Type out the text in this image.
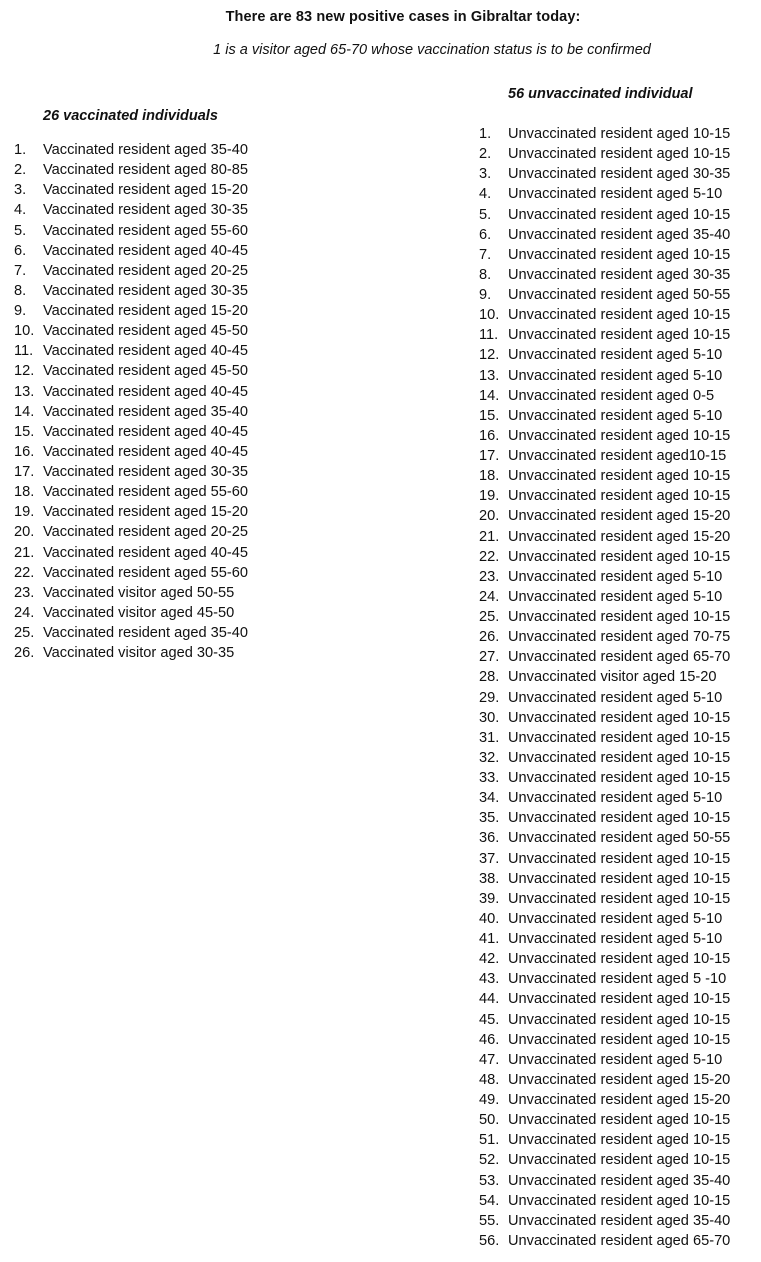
There are 83 new positive cases in Gibraltar today:
1 is a visitor aged 65-70 whose vaccination status is to be confirmed
26 vaccinated individuals
1.	Vaccinated resident aged 35-40
2.	Vaccinated resident aged 80-85
3.	Vaccinated resident aged 15-20
4.	Vaccinated resident aged 30-35
5.	Vaccinated resident aged 55-60
6.	Vaccinated resident aged 40-45
7.	Vaccinated resident aged 20-25
8.	Vaccinated resident aged 30-35
9.	Vaccinated resident aged 15-20
10. Vaccinated resident aged 45-50
11. Vaccinated resident aged 40-45
12. Vaccinated resident aged 45-50
13. Vaccinated resident aged 40-45
14. Vaccinated resident aged 35-40
15. Vaccinated resident aged 40-45
16. Vaccinated resident aged 40-45
17. Vaccinated resident aged 30-35
18. Vaccinated resident aged 55-60
19. Vaccinated resident aged 15-20
20. Vaccinated resident aged 20-25
21. Vaccinated resident aged 40-45
22. Vaccinated resident aged 55-60
23. Vaccinated visitor aged 50-55
24. Vaccinated visitor aged 45-50
25. Vaccinated resident aged 35-40
26. Vaccinated visitor aged 30-35
56 unvaccinated individual
1.	Unvaccinated resident aged 10-15
2.	Unvaccinated resident aged 10-15
3.	Unvaccinated resident aged 30-35
4.	Unvaccinated resident aged 5-10
5.	Unvaccinated resident aged 10-15
6.	Unvaccinated resident aged 35-40
7.	Unvaccinated resident aged 10-15
8.	Unvaccinated resident aged 30-35
9.	Unvaccinated resident aged 50-55
10. Unvaccinated resident aged 10-15
11. Unvaccinated resident aged 10-15
12. Unvaccinated resident aged 5-10
13. Unvaccinated resident aged 5-10
14. Unvaccinated resident aged 0-5
15. Unvaccinated resident aged 5-10
16. Unvaccinated resident aged 10-15
17. Unvaccinated resident aged10-15
18. Unvaccinated resident aged 10-15
19. Unvaccinated resident aged 10-15
20. Unvaccinated resident aged 15-20
21. Unvaccinated resident aged 15-20
22. Unvaccinated resident aged 10-15
23. Unvaccinated resident aged 5-10
24. Unvaccinated resident aged 5-10
25. Unvaccinated resident aged 10-15
26. Unvaccinated resident aged 70-75
27. Unvaccinated resident aged 65-70
28. Unvaccinated visitor aged 15-20
29. Unvaccinated resident aged 5-10
30. Unvaccinated resident aged 10-15
31. Unvaccinated resident aged 10-15
32. Unvaccinated resident aged 10-15
33. Unvaccinated resident aged 10-15
34. Unvaccinated resident aged 5-10
35. Unvaccinated resident aged 10-15
36. Unvaccinated resident aged 50-55
37. Unvaccinated resident aged 10-15
38. Unvaccinated resident aged 10-15
39. Unvaccinated resident aged 10-15
40. Unvaccinated resident aged 5-10
41. Unvaccinated resident aged 5-10
42. Unvaccinated resident aged 10-15
43. Unvaccinated resident aged 5 -10
44. Unvaccinated resident aged 10-15
45. Unvaccinated resident aged 10-15
46. Unvaccinated resident aged 10-15
47. Unvaccinated resident aged 5-10
48. Unvaccinated resident aged 15-20
49. Unvaccinated resident aged 15-20
50. Unvaccinated resident aged 10-15
51. Unvaccinated resident aged 10-15
52. Unvaccinated resident aged 10-15
53. Unvaccinated resident aged 35-40
54. Unvaccinated resident aged 10-15
55. Unvaccinated resident aged 35-40
56. Unvaccinated resident aged 65-70
